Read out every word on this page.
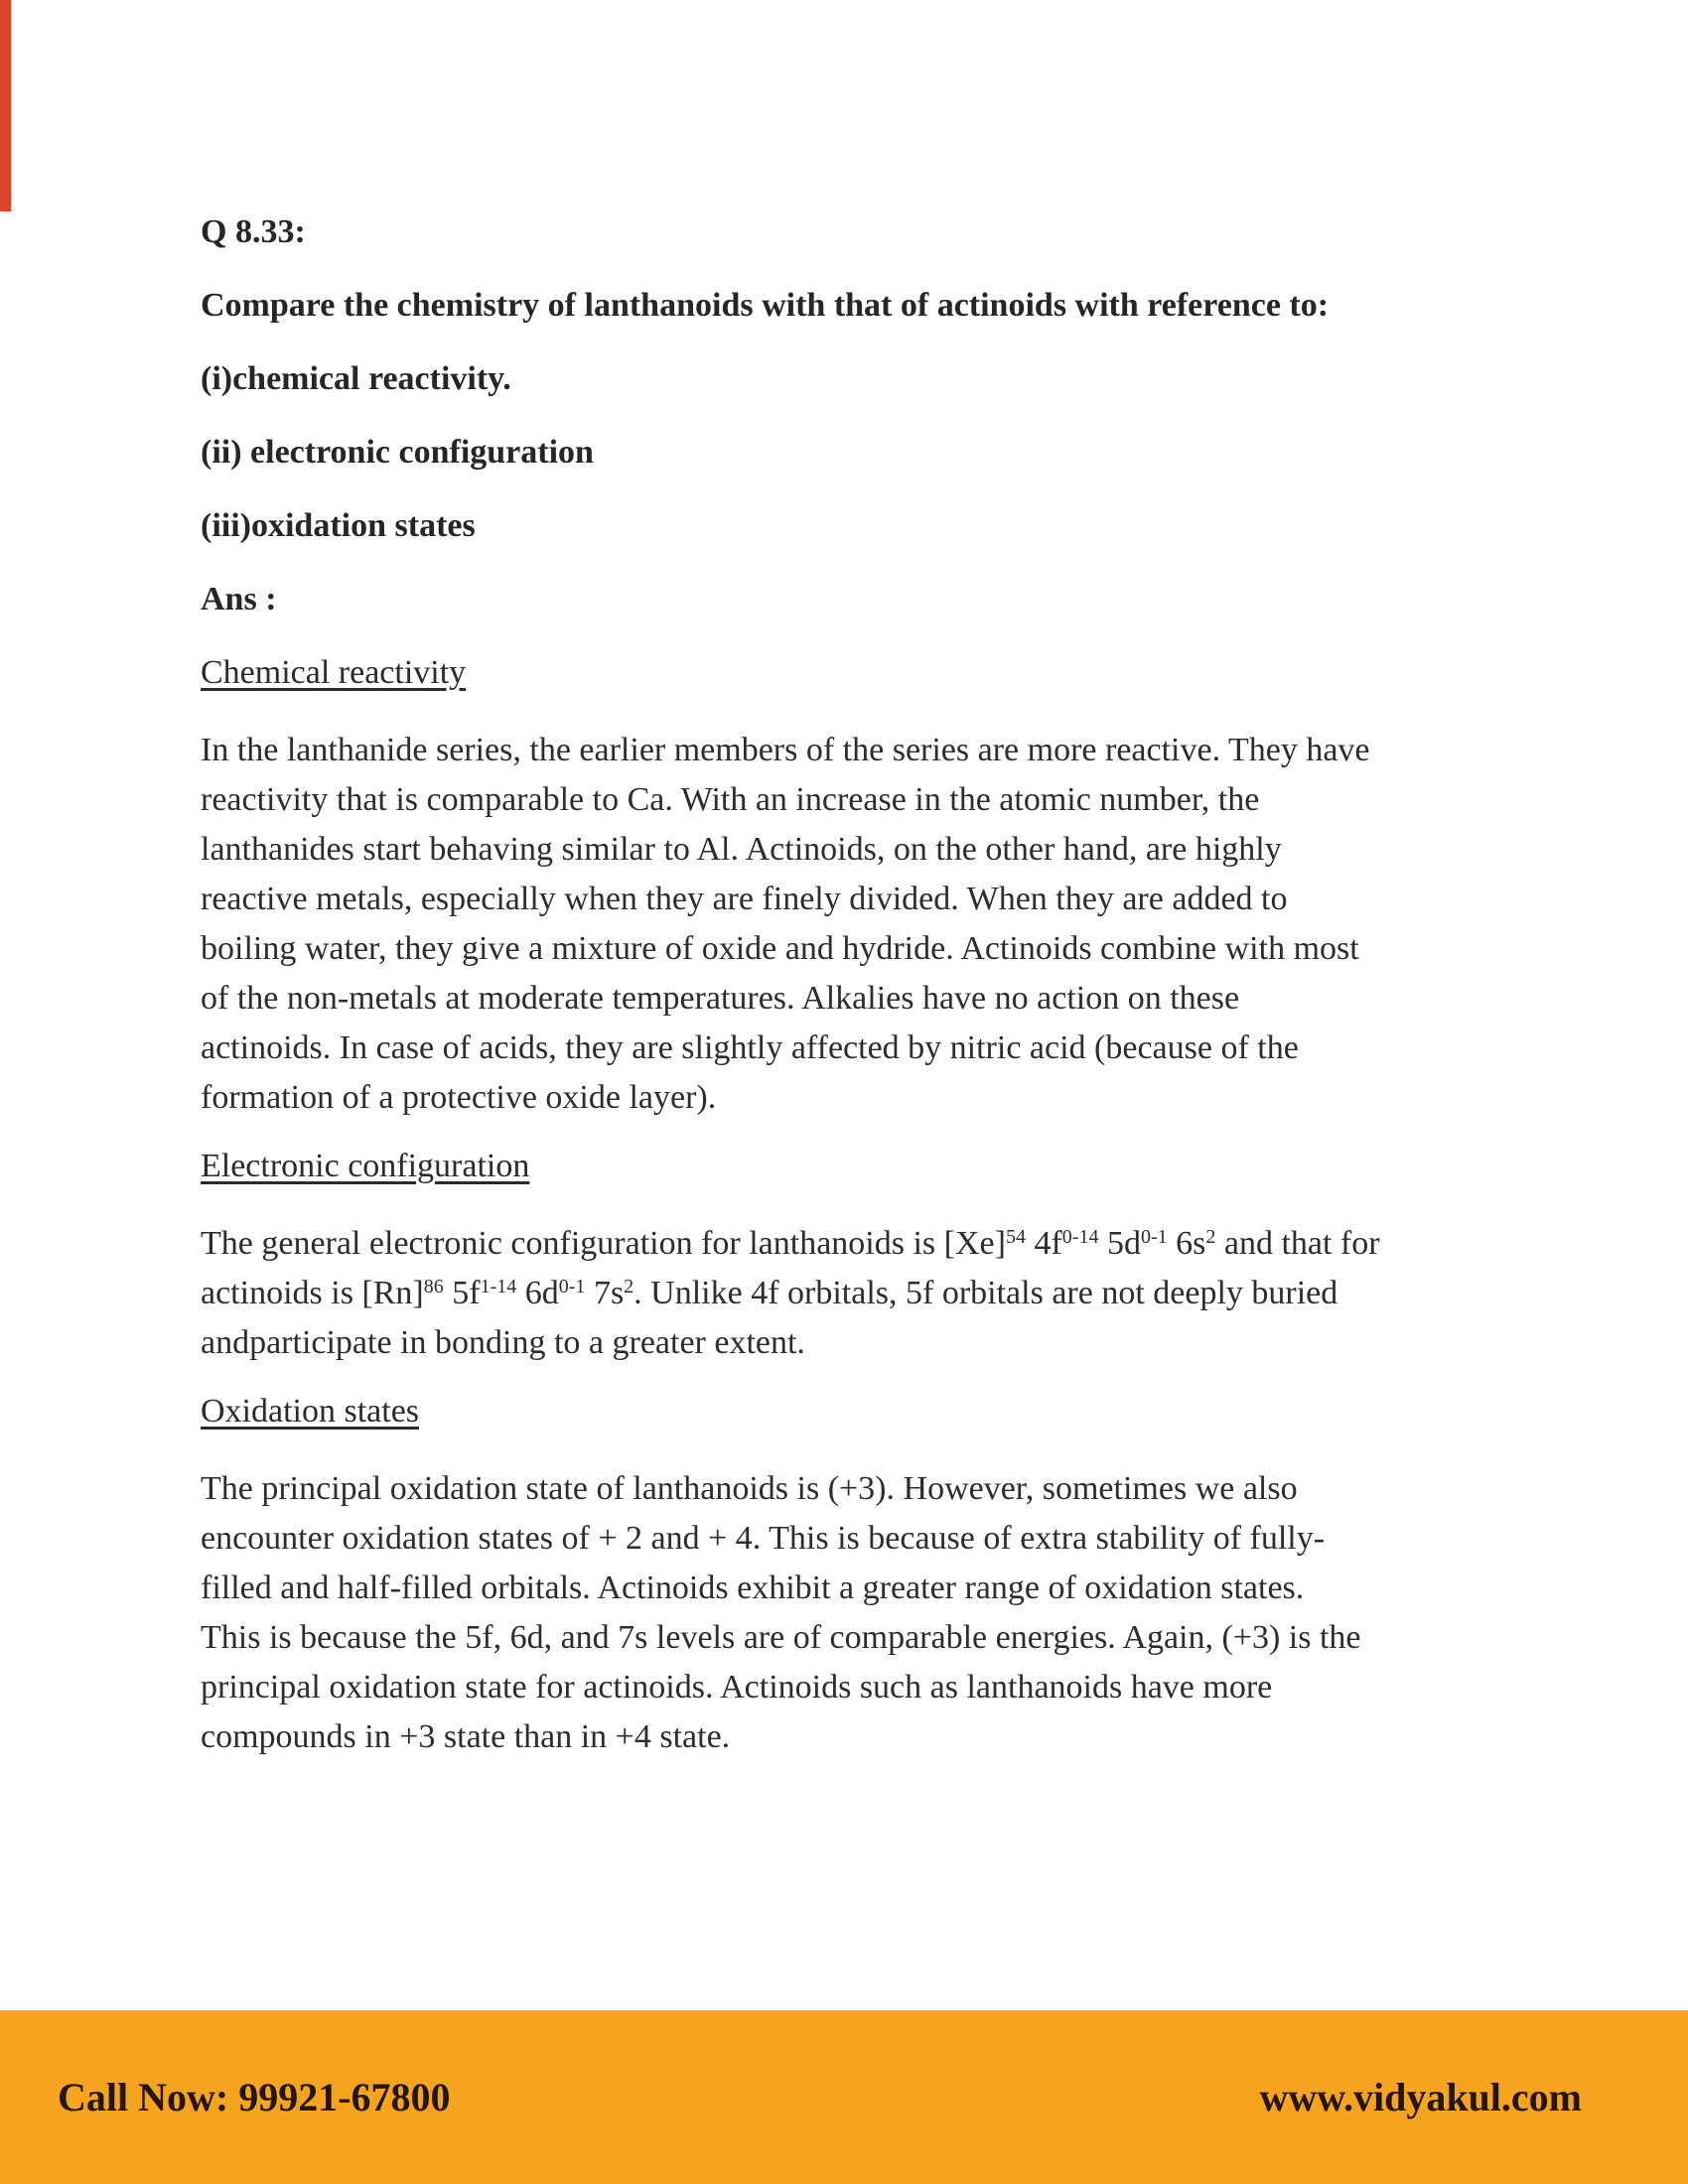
Q 8.33:
Compare the chemistry of lanthanoids with that of actinoids with reference to:
(i)chemical reactivity.
(ii) electronic configuration
(iii)oxidation states
Ans :
Chemical reactivity
In the lanthanide series, the earlier members of the series are more reactive. They have
reactivity that is comparable to Ca. With an increase in the atomic number, the
lanthanides start behaving similar to Al. Actinoids, on the other hand, are highly
reactive metals, especially when they are finely divided. When they are added to
boiling water, they give a mixture of oxide and hydride. Actinoids combine with most
of the non-metals at moderate temperatures. Alkalies have no action on these
actinoids. In case of acids, they are slightly affected by nitric acid (because of the
formation of a protective oxide layer).
Electronic configuration
The general electronic configuration for lanthanoids is $[Xe]^{54}$ $4f^{0-14}$ $5d^{0-1}$ $6s^2$ and that for
actinoids is $[Rn]^{86}$ $5f^{1-14}$ $6d^{0-1}$ $7s^2$. Unlike 4f orbitals, 5f orbitals are not deeply buried
andparticipate in bonding to a greater extent.
Oxidation states
The principal oxidation state of lanthanoids is (+3). However, sometimes we also
encounter oxidation states of + 2 and + 4. This is because of extra stability of fully-
filled and half-filled orbitals. Actinoids exhibit a greater range of oxidation states.
This is because the 5f, 6d, and 7s levels are of comparable energies. Again, (+3) is the
principal oxidation state for actinoids. Actinoids such as lanthanoids have more
compounds in +3 state than in +4 state.
Call Now: 99921-67800	www.vidyakul.com
